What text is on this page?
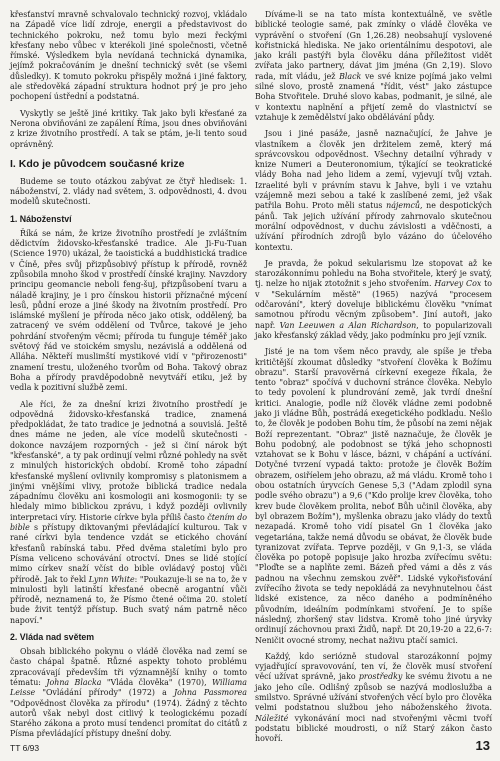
křesťanství mravně schvalovalo technický rozvoj, vkládalo na Západě více lidí zdroje, energii a představivost do technického pokroku, než tomu bylo mezi řeckými křesťany nebo vůbec v kterékoli jiné společnosti, včetně římské. Výsledkem byla nevídaná technická dynamika, jejímž pokračováním je dnešní technický svět (se všemi důsledky). K tomuto pokroku přispěly možná i jiné faktory, ale středověká západní struktura hodnot prý je pro jeho pochopení ústřední a podstatná.

Vyskytly se ještě jiné kritiky. Tak jako byli křesťané za Nerona obviňováni ze zapálení Říma, jsou dnes obviňováni z krize životního prostředí. A tak se ptám, je-li tento soud oprávněný.

I. Kdo je původcem současné krize

Budeme se touto otázkou zabývat ze čtyř hledisek: 1. náboženství, 2. vlády nad světem, 3. odpovědnosti, 4. dvou modelů skutečnosti.

1. Náboženství

Říká se nám, že krize životního prostředí je zvláštním dědictvím židovsko-křesťanské tradice. Ale Ji-Fu-Tuan (Science 1970) ukázal, že taoistická a buddhistická tradice v Číně, přes svůj přizpůsobivý přístup k přírodě, rovněž způsobila mnoho škod v prostředí čínské krajiny. Navzdory principu geomancie neboli feng-šuj, přizpůsobení tvaru a náladě krajiny, je i pro čínskou historii příznačné mýcení lesů, půdní eroze a jiné škody na životním prostředí. Pro islámské myšlení je příroda něco jako otisk, oddělený, ba zatracený ve svém oddělení od Tvůrce, takové je jeho pohrdání stvořeným věcmi; příroda tu funguje téměř jako světový řád ve stoickém smyslu, nezávislá a oddělená od Alláha. Někteří muslimští mystikové vidí v "přirozenosti" znamení trestu, uloženého tvorům od Boha. Takový obraz Boha a přírody pravděpodobně nevytváří etiku, jež by vedla k pozitivní službě zemi.

Ale říci, že za dnešní krizi životního prostředí je odpovědná židovsko-křesťanská tradice, znamená předpokládat, že tato tradice je jednotná a souvislá. Ještě dnes máme ne jeden, ale více modelů skutečnosti - dokonce navzájem rozporných - jež si činí nárok být "křesťanské", a ty pak ordinují velmi různé pohledy na svět z minulých historických období. Kromě toho západní křesťanské myšlení ovlivnily kompromisy s platonismem a jinými vnějšími vlivy, protože biblická tradice nedala západnímu člověku ani kosmologii ani kosmogonii: ty se hledaly mimo biblickou zprávu, i když později ovlivnily interpretaci víry. Historie církve byla příliš často čtením do bible s přístupy diktovanými převládající kulturou. Tak v rané církvi byla tendence vzdát se etického chování křesťanů rabínská tabu. Před dvěma staletími bylo pro Písma veliceno schovávání otroctví. Dnes se lidé stojící mimo církev snaží včíst do bible ovládavý postoj vůči přírodě. Jak to řekl Lynn White: "Poukazuje-li se na to, že v minulosti byli latinští křesťané obecně arogantní vůči přírodě, neznamená to, že Písmo čtené očima 20. století bude živit tentýž přístup. Buch svatý nám patrně něco napoví."

2. Vláda nad světem

Obsah biblického pokynu o vládě člověka nad zemí se často chápal špatně. Různé aspekty tohoto problému zpracovávají především tři významnější knihy o tomto tématu: Johna Blacka "Vláda člověka" (1970), Williama Leisse "Ovládání přírody" (1972) a Johna Passmorea "Odpovědnost člověka za přírodu" (1974). Žádný z těchto autorů však nebyl dost citlivý k teologickému pozadí Starého zákona a proto musí tendenci promítat do citátů z Písma převládající přístupy dnešní doby.

Díváme-li se na tato místa kontextuálně, ve světle biblické teologie samé, pak zmínky o vládě člověka ve vyprávění o stvoření (Gn 1,26.28) neobsahují vyslovené kořistnická hlediska. Ne jako orientálnímu despotovi, ale jako králi pastýři byla člověku dána příležitost vidět zvířata jako partnery, dávat jim jména (Gn 2,19). Slovo rada, mít vládu, jež Black ve své knize pojímá jako velmi silné slovo, prostě znamená "řídit, vést" jako zástupce Boha Stvořitele. Druhé slovo kabas, podmanit, je silné, ale v kontextu naplnění a přijetí země do vlastnictví se vztahuje k zemědělství jako obdělávání půdy.

Jsou i jiné pasáže, jasně naznačující, že Jahve je vlastníkem a člověk jen držitelem země, který má správcovskou odpovědnost. Všechny detailní výhrady v knize Numeri a Deuteronomium, týkající se teokratické vlády Boha nad jeho lidem a zemí, vyjevují tvůj vztah. Izraelité byli v právním stavu k Jahve, byli i ve vztahu vzájemně mezi sebou a také k zaslíbené zemi, jež však patřila Bohu. Proto měli status nájemců, ne despotických pánů. Tak jejich užívání přírody zahrnovalo skutečnou morální odpovědnost, v duchu závislosti a vděčnosti, a užívání přírodních zdrojů bylo vázáno do účelového kontextu.

Je pravda, že pokud sekularismu lze stopovat až ke starozákonnímu pohledu na Boha stvořitele, který je svatý, tj. nelze ho nijak ztotožnit s jeho stvořením. Harvey Cox to v "Sekulárním městě" (1965) nazývá "procesem odčarování", který doveluje biblickému člověku "vnímat samotnou přírodu věcným způsobem". Jiní autoři, jako např. Van Leeuwen a Alan Richardson, to popularizovali jako křesťanský základ vědy, jako podmínku pro její vznik.

Jisté je na tom všem něco pravdy, ale spíše je třeba kritičtější zkoumat důsledky "stvoření člověka k Božímu obrazu". Starší pravověrná církevní exegeze říkala, že tento "obraz" spočívá v duchovní stránce člověka. Nebylo to tedy povolení k plundrování země, jak tvrdí dnešní kritici. Analogie, podle níž člověk vládne zemi podobně jako ji vládne Bůh, postrádá exegetického podkladu. Nešlo to, že člověk je podoben Bohu tím, že působí na zemi nějak Boží reprezentant. "Obraz" jistě naznačuje, že člověk je Bohu podobný, ale podobnost se týká jeho schopnosti vztahovat se k Bohu v lásce, bázni, v chápání a uctívání. Dotyčné tvrzení vypadá takto: protože je člověk Božím obrazem, osiříelem jeho obrazu, až má vládu. Kromě toho i obou ostatních úryvcích Genese 5,3 ("Adam zplodil syna podle svého obrazu") a 9,6 ("Kdo prolije krev člověka, toho krev bude člověkem prolita, neboť Bůh učinil člověka, aby byl obrazem Božím"), myšlenka obrazu jako vlády do textů nezapadá. Kromě toho vidí pisatel Gn 1 člověka jako vegetariána, takže nemá důvodu se obávat, že člověk bude tyranizovat zvířata. Teprve později, v Gn 9,1-3, se vláda člověka po potopě popisuje jako hrozba zvířecímu světu: "Ploďte se a naplňte zemi. Bázeň před vámi a děs z vás padnou na všechnu zemskou zvěř". Lidské vykořisťování zvířecího života se tedy nepokládá za nevyhnutelnou část lidské existence, za něco daného a podmíněného původním, ideálním podmínkami stvoření. Je to spíše následný, zhoršený stav lidstva. Kromě toho jiné úryvky ordinují záchovnou praxi Židů, např. Dt 20,19-20 a 22,6-7: Neničit ovocné stromy, nechat naživu ptačí samici.

Každý, kdo seriózně studoval starozákonní pojmy vyjadřující spravovování, ten ví, že člověk musí stvoření věcí užívat správně, jako prostředky ke svému životu a ne jako jeho cíle. Odlišný způsob se nazývá modloslužba a smilstvo. Správné užívání stvořených věcí bylo pro člověka velmi podstatnou službou jeho náboženského života. Náležité vykonávání moci nad stvořenými věcmi tvoří podstatu biblické moudrosti, o níž Starý zákon často hovoří.

TT 6/93	13
